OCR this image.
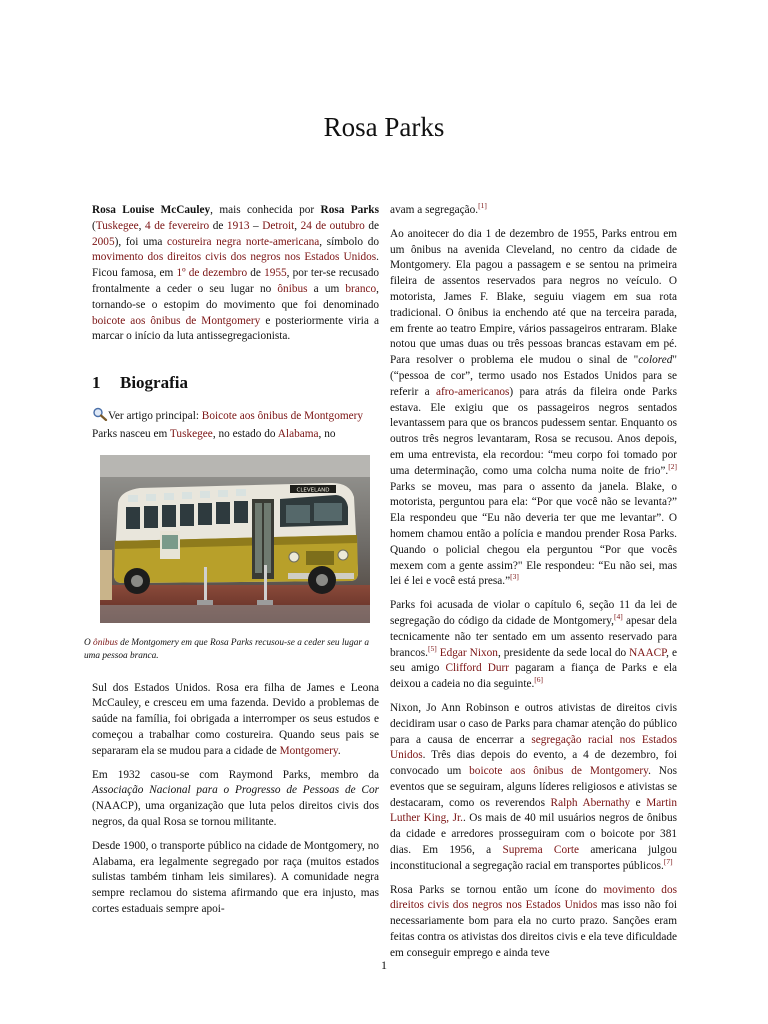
Rosa Parks

Rosa Louise McCauley, mais conhecida por Rosa Parks (Tuskegee, 4 de fevereiro de 1913 – Detroit, 24 de outubro de 2005), foi uma costureira negra norte-americana, símbolo do movimento dos direitos civis dos negros nos Estados Unidos. Ficou famosa, em 1º de dezembro de 1955, por ter-se recusado frontalmente a ceder o seu lugar no ônibus a um branco, tornando-se o estopim do movimento que foi denominado boicote aos ônibus de Montgomery e posteriormente viria a marcar o início da luta antissegregacionista.

1 Biografia
Ver artigo principal: Boicote aos ônibus de Montgomery
Parks nasceu em Tuskegee, no estado do Alabama, no
CLEVELAND
O ônibus de Montgomery em que Rosa Parks recusou-se a ceder seu lugar a uma pessoa branca.

Sul dos Estados Unidos. Rosa era filha de James e Leona McCauley, e cresceu em uma fazenda. Devido a problemas de saúde na família, foi obrigada a interromper os seus estudos e começou a trabalhar como costureira. Quando seus pais se separaram ela se mudou para a cidade de Montgomery.

Em 1932 casou-se com Raymond Parks, membro da Associação Nacional para o Progresso de Pessoas de Cor (NAACP), uma organização que luta pelos direitos civis dos negros, da qual Rosa se tornou militante.

Desde 1900, o transporte público na cidade de Montgomery, no Alabama, era legalmente segregado por raça (muitos estados sulistas também tinham leis similares). A comunidade negra sempre reclamou do sistema afirmando que era injusto, mas cortes estaduais sempre apoi-

avam a segregação.[1]

Ao anoitecer do dia 1 de dezembro de 1955, Parks entrou em um ônibus na avenida Cleveland, no centro da cidade de Montgomery. Ela pagou a passagem e se sentou na primeira fileira de assentos reservados para negros no veículo. O motorista, James F. Blake, seguiu viagem em sua rota tradicional. O ônibus ia enchendo até que na terceira parada, em frente ao teatro Empire, vários passageiros entraram. Blake notou que umas duas ou três pessoas brancas estavam em pé. Para resolver o problema ele mudou o sinal de "colored" (“pessoa de cor”, termo usado nos Estados Unidos para se referir a afro-americanos) para atrás da fileira onde Parks estava. Ele exigiu que os passageiros negros sentados levantassem para que os brancos pudessem sentar. Enquanto os outros três negros levantaram, Rosa se recusou. Anos depois, em uma entrevista, ela recordou: “meu corpo foi tomado por uma determinação, como uma colcha numa noite de frio”.[2] Parks se moveu, mas para o assento da janela. Blake, o motorista, perguntou para ela: “Por que você não se levanta?” Ela respondeu que “Eu não deveria ter que me levantar”. O homem chamou então a polícia e mandou prender Rosa Parks. Quando o policial chegou ela perguntou “Por que vocês mexem com a gente assim?" Ele respondeu: “Eu não sei, mas lei é lei e você está presa.”[3]

Parks foi acusada de violar o capítulo 6, seção 11 da lei de segregação do código da cidade de Montgomery,[4] apesar dela tecnicamente não ter sentado em um assento reservado para brancos.[5] Edgar Nixon, presidente da sede local do NAACP, e seu amigo Clifford Durr pagaram a fiança de Parks e ela deixou a cadeia no dia seguinte.[6]

Nixon, Jo Ann Robinson e outros ativistas de direitos civis decidiram usar o caso de Parks para chamar atenção do público para a causa de encerrar a segregação racial nos Estados Unidos. Três dias depois do evento, a 4 de dezembro, foi convocado um boicote aos ônibus de Montgomery. Nos eventos que se seguiram, alguns líderes religiosos e ativistas se destacaram, como os reverendos Ralph Abernathy e Martin Luther King, Jr.. Os mais de 40 mil usuários negros de ônibus da cidade e arredores prosseguiram com o boicote por 381 dias. Em 1956, a Suprema Corte americana julgou inconstitucional a segregação racial em transportes públicos.[7]

Rosa Parks se tornou então um ícone do movimento dos direitos civis dos negros nos Estados Unidos mas isso não foi necessariamente bom para ela no curto prazo. Sanções eram feitas contra os ativistas dos direitos civis e ela teve dificuldade em conseguir emprego e ainda teve

1
